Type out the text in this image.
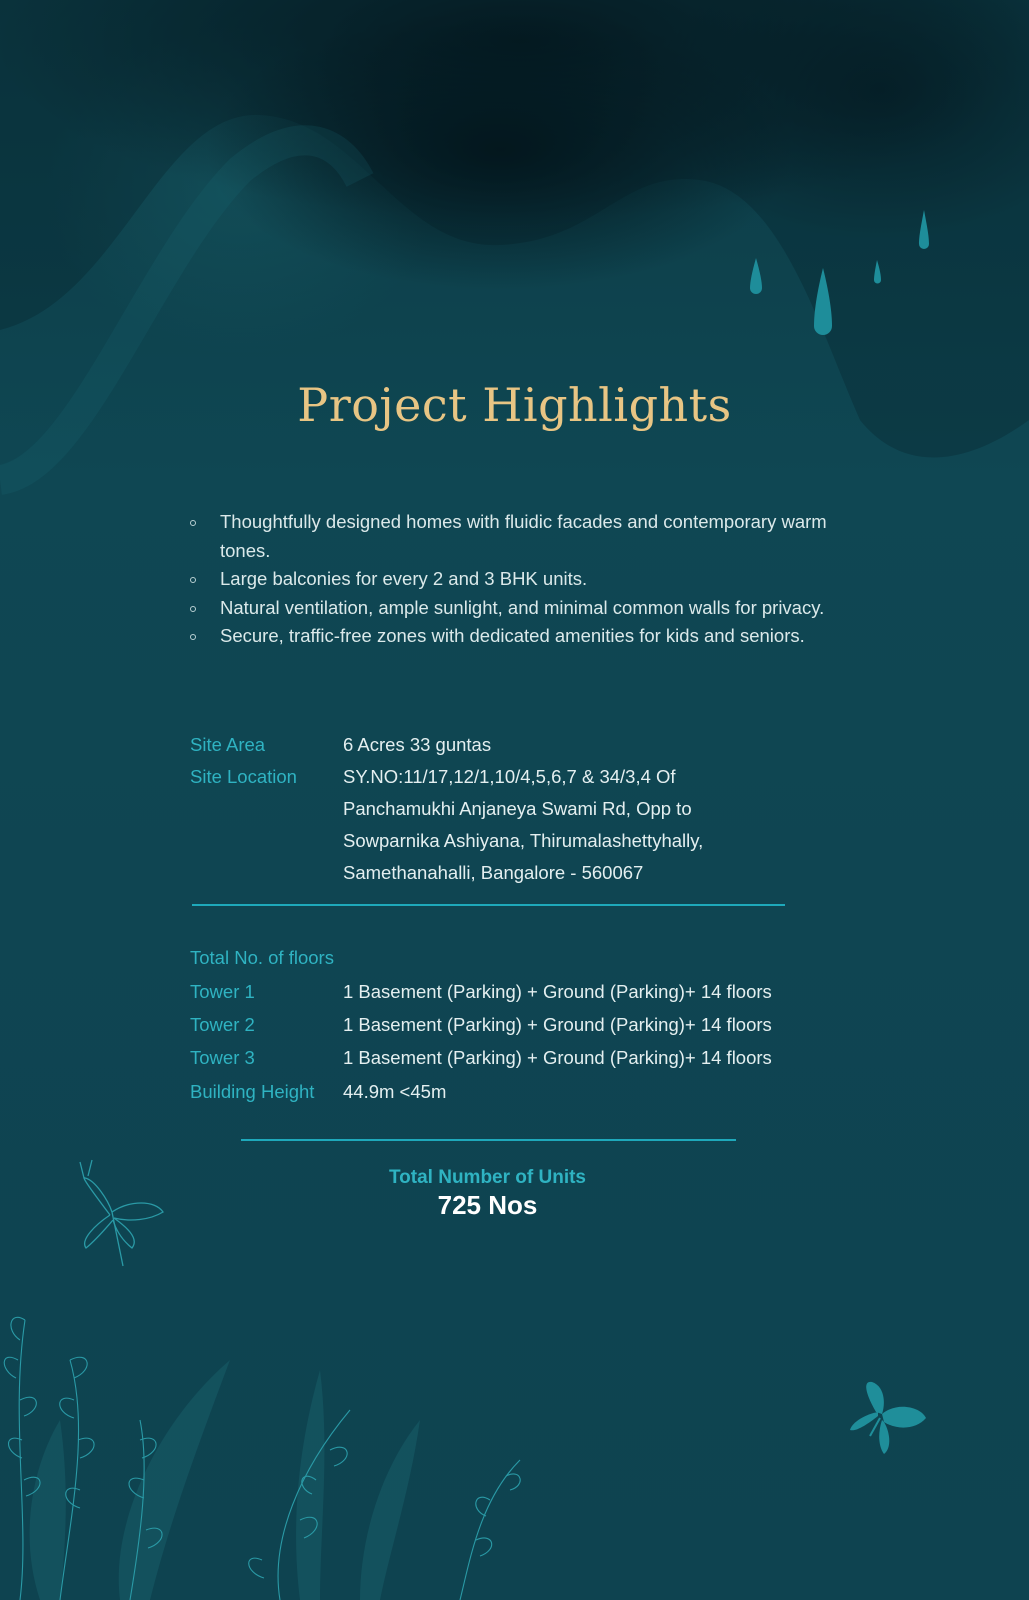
Project Highlights
Thoughtfully designed homes with fluidic facades and contemporary warm tones.
Large balconies for every 2 and 3 BHK units.
Natural ventilation, ample sunlight, and minimal common walls for privacy.
Secure, traffic-free zones with dedicated amenities for kids and seniors.
Site Area	6 Acres 33 guntas
Site Location SY.NO:11/17,12/1,10/4,5,6,7 & 34/3,4 Of Panchamukhi Anjaneya Swami Rd, Opp to Sowparnika Ashiyana, Thirumalashettyhally, Samethanahalli, Bangalore - 560067
Total No. of floors
Tower 1	1 Basement (Parking) + Ground (Parking)+ 14 floors
Tower 2	1 Basement (Parking) + Ground (Parking)+ 14 floors
Tower 3	1 Basement (Parking) + Ground (Parking)+ 14 floors
Building Height 44.9m <45m
Total Number of Units
725 Nos
